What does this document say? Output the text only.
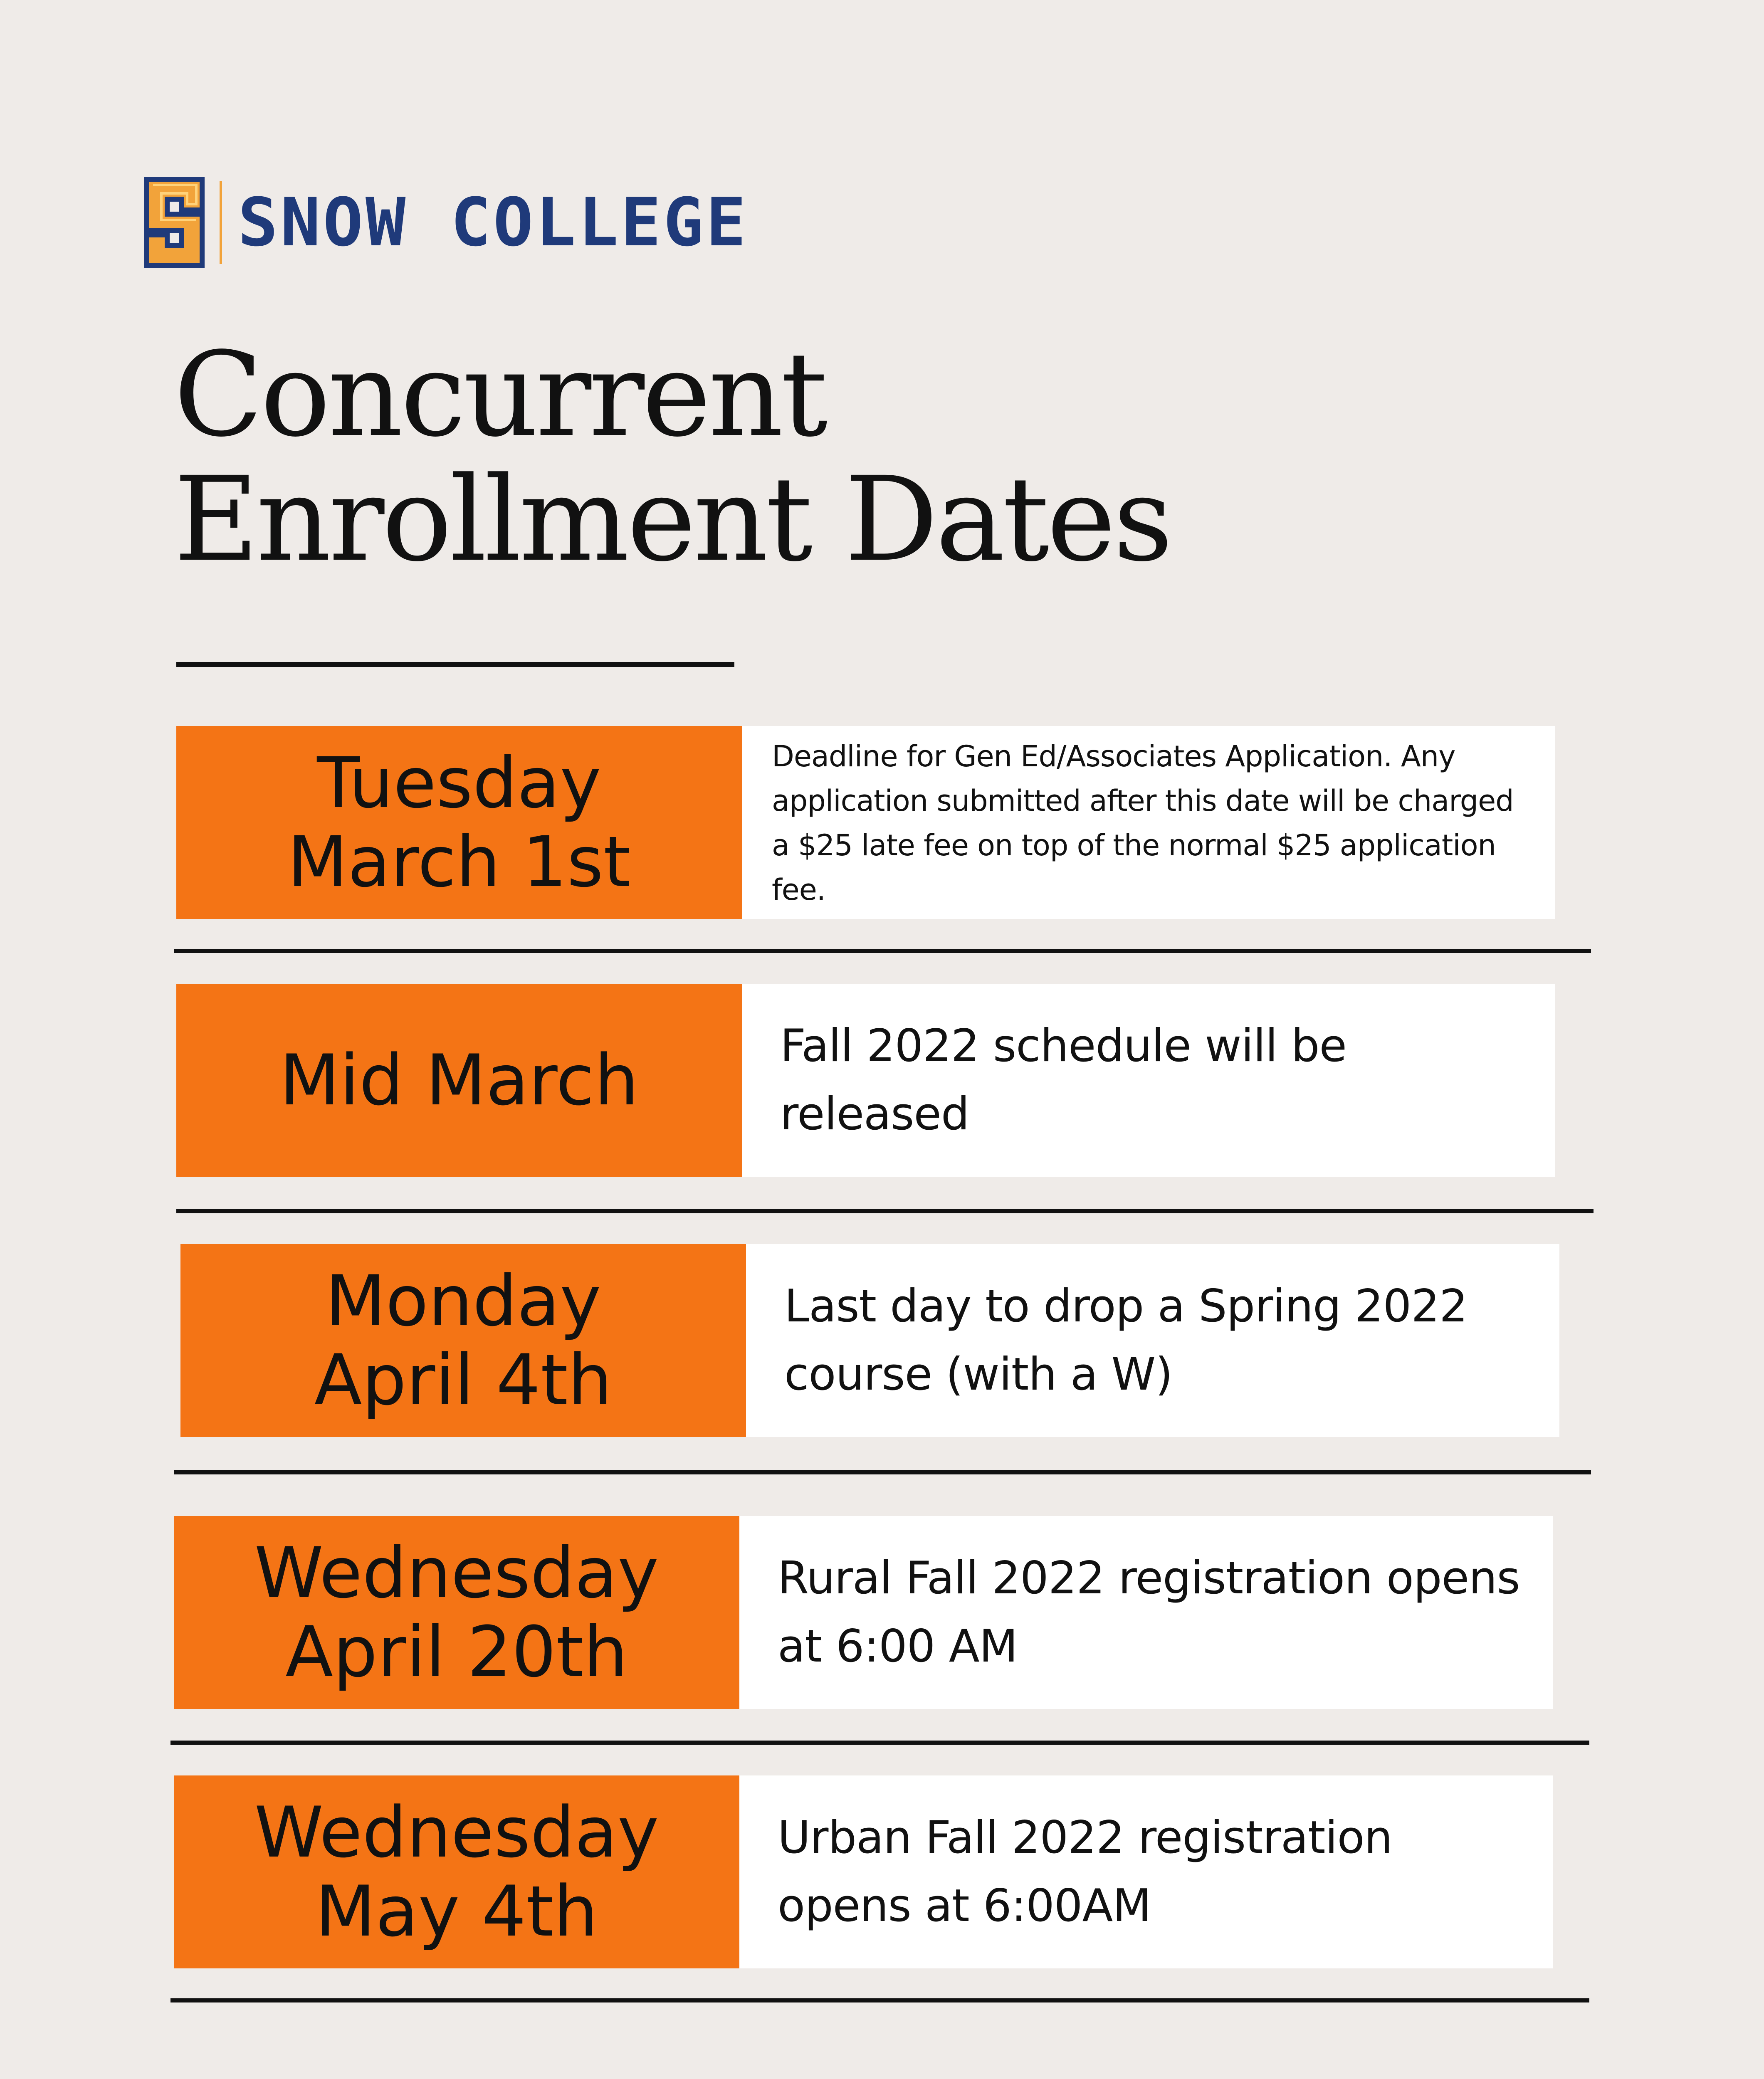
SNOW COLLEGE
Concurrent
Enrollment Dates
Tuesday
March 1st
Deadline for Gen Ed/Associates Application. Any application submitted after this date will be charged a $25 late fee on top of the normal $25 application fee.
Mid March	Fall 2022 schedule will be released
Monday
April 4th
Last day to drop a Spring 2022 course (with a W)
Wednesday
April 20th
Rural Fall 2022 registration opens at 6:00 AM
Wednesday
May 4th
Urban Fall 2022 registration opens at 6:00AM
